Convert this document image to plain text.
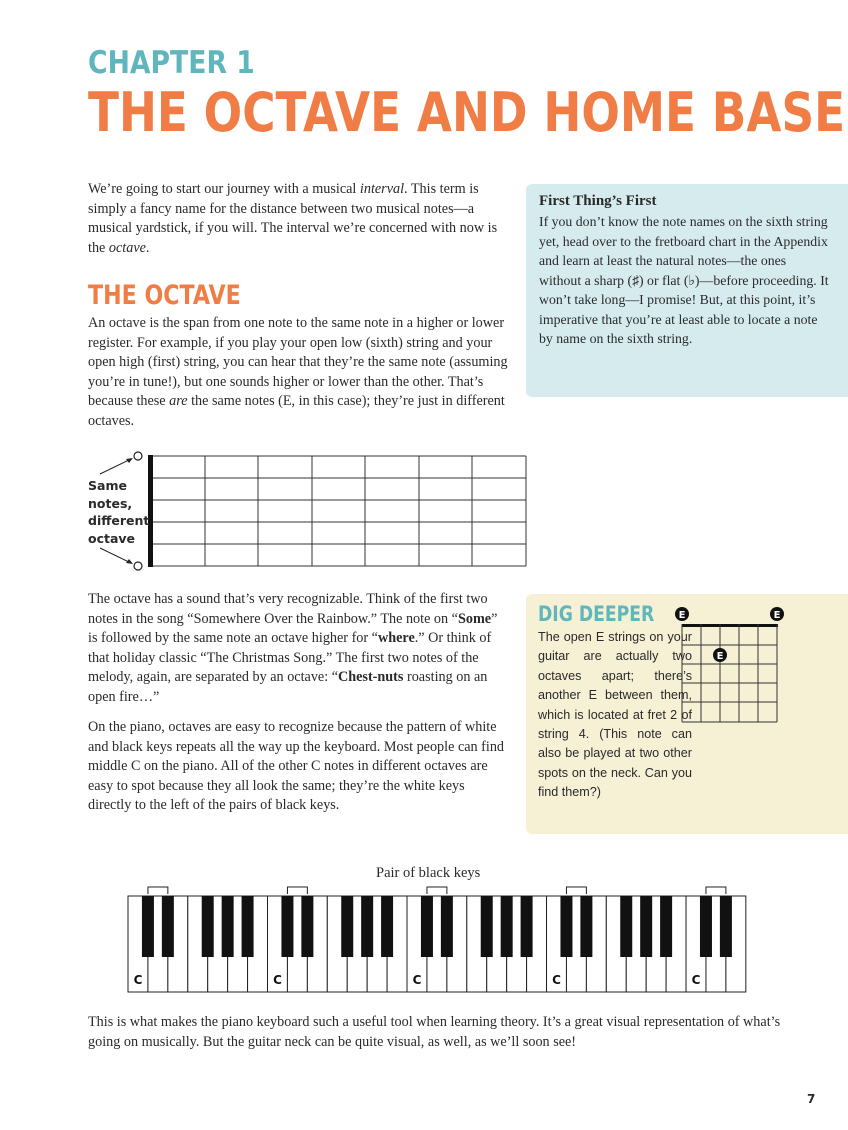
CHAPTER 1
THE OCTAVE AND HOME BASE
We’re going to start our journey with a musical interval. This term is simply a fancy name for the distance between two musical notes—a musical yardstick, if you will. The interval we’re concerned with now is the octave.
THE OCTAVE
An octave is the span from one note to the same note in a higher or lower register. For example, if you play your open low (sixth) string and your open high (first) string, you can hear that they’re the same note (assuming you’re in tune!), but one sounds higher or lower than the other. That’s because these are the same notes (E, in this case); they’re just in different octaves.
First Thing’s First
If you don’t know the note names on the sixth string yet, head over to the fretboard chart in the Appendix and learn at least the natural notes—the ones without a sharp (♯) or flat (♭)—before proceeding. It won’t take long—I promise! But, at this point, it’s imperative that you’re at least able to locate a note by name on the sixth string.
Same notes, different octave
The octave has a sound that’s very recognizable. Think of the first two notes in the song “Somewhere Over the Rainbow.” The note on “Some” is followed by the same note an octave higher for “where.” Or think of that holiday classic “The Christmas Song.” The first two notes of the melody, again, are separated by an octave: “Chest-nuts roasting on an open fire…”
On the piano, octaves are easy to recognize because the pattern of white and black keys repeats all the way up the keyboard. Most people can find middle C on the piano. All of the other C notes in different octaves are easy to spot because they all look the same; they’re the white keys directly to the left of the pairs of black keys.
DIG DEEPER
The open E strings on your guitar are actually two octaves apart; there’s another E between them, which is located at fret 2 of string 4. (This note can also be played at two other spots on the neck. Can you find them?)
E	E
E
Pair of black keys
C	C	C	C	C
This is what makes the piano keyboard such a useful tool when learning theory. It’s a great visual representation of what’s going on musically. But the guitar neck can be quite visual, as well, as we’ll soon see!
7
